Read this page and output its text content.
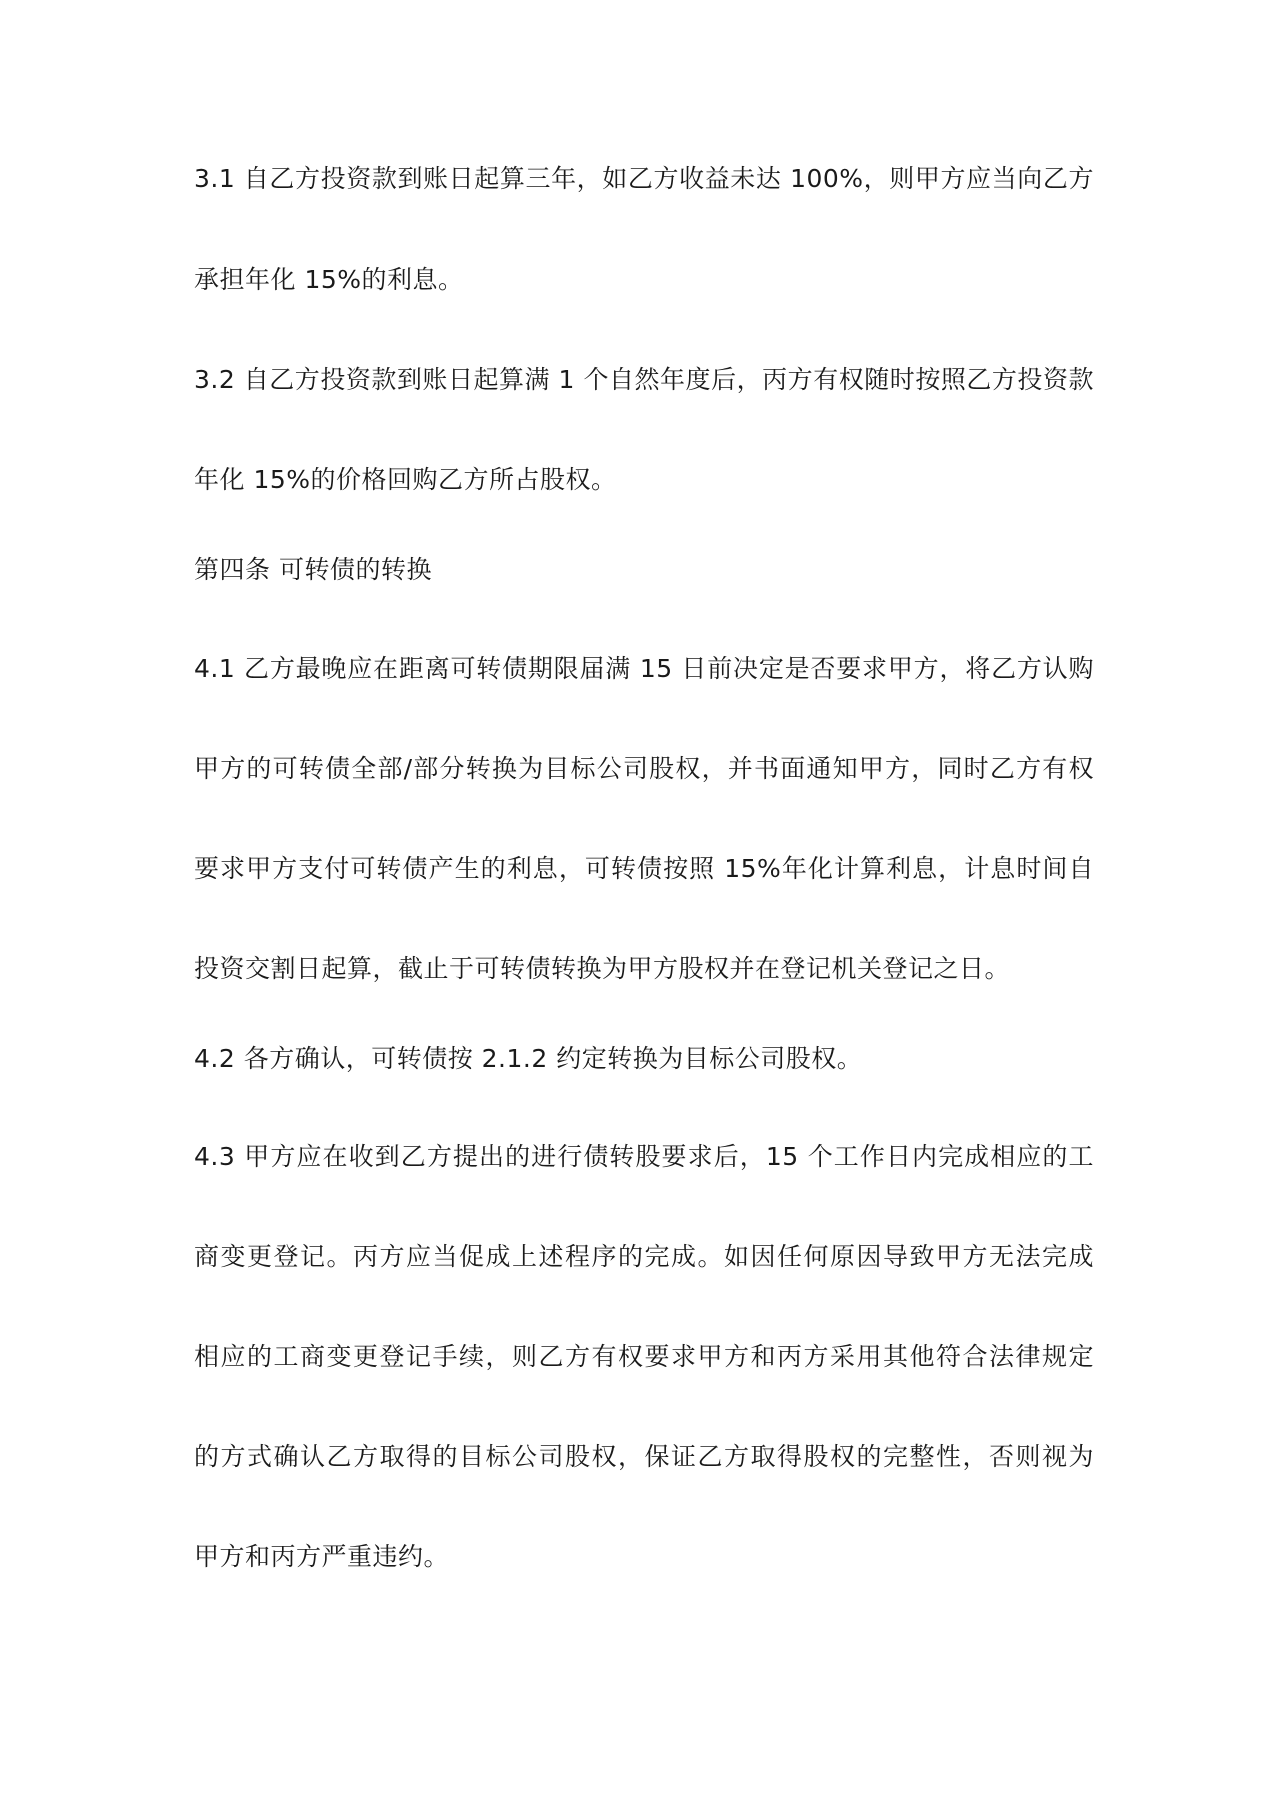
3.1 自乙方投资款到账日起算三年，如乙方收益未达 100%，则甲方应当向乙方
承担年化 15%的利息。
3.2 自乙方投资款到账日起算满 1 个自然年度后，丙方有权随时按照乙方投资款
年化 15%的价格回购乙方所占股权。
第四条 可转债的转换
4.1 乙方最晚应在距离可转债期限届满 15 日前决定是否要求甲方，将乙方认购
甲方的可转债全部/部分转换为目标公司股权，并书面通知甲方，同时乙方有权
要求甲方支付可转债产生的利息，可转债按照 15%年化计算利息，计息时间自
投资交割日起算，截止于可转债转换为甲方股权并在登记机关登记之日。
4.2 各方确认，可转债按 2.1.2 约定转换为目标公司股权。
4.3 甲方应在收到乙方提出的进行债转股要求后，15 个工作日内完成相应的工
商变更登记。丙方应当促成上述程序的完成。如因任何原因导致甲方无法完成
相应的工商变更登记手续，则乙方有权要求甲方和丙方采用其他符合法律规定
的方式确认乙方取得的目标公司股权，保证乙方取得股权的完整性，否则视为
甲方和丙方严重违约。
